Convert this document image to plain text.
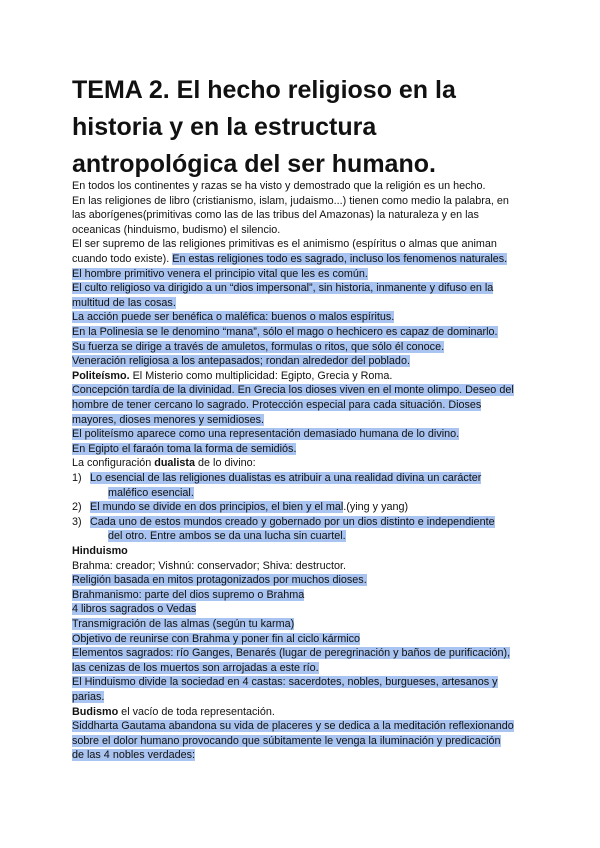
TEMA 2. El hecho religioso en la historia y en la estructura antropológica del ser humano.
En todos los continentes y razas se ha visto y demostrado que la religión es un hecho.
En las religiones de libro (cristianismo, islam, judaismo...) tienen como medio la palabra, en
las aborígenes(primitivas como las de las tribus del Amazonas) la naturaleza y en las
oceanicas (hinduismo, budismo) el silencio.
El ser supremo de las religiones primitivas es el animismo (espíritus o almas que animan
cuando todo existe). En estas religiones todo es sagrado, incluso los fenomenos naturales.
El hombre primitivo venera el principio vital que les es común.
El culto religioso va dirigido a un “dios impersonal”, sin historia, inmanente y difuso en la
multitud de las cosas.
La acción puede ser benéfica o maléfica: buenos o malos espíritus.
En la Polinesia se le denomino “mana”, sólo el mago o hechicero es capaz de dominarlo.
Su fuerza se dirige a través de amuletos, formulas o ritos, que sólo él conoce.
Veneración religiosa a los antepasados; rondan alrededor del poblado.
Politeísmo. El Misterio como multiplicidad: Egipto, Grecia y Roma.
Concepción tardía de la divinidad. En Grecia los dioses viven en el monte olimpo. Deseo del
hombre de tener cercano lo sagrado. Protección especial para cada situación. Dioses
mayores, dioses menores y semidioses.
El politeísmo aparece como una representación demasiado humana de lo divino.
En Egipto el faraón toma la forma de semidiós.
La configuración dualista de lo divino:
1) Lo esencial de las religiones dualistas es atribuir a una realidad divina un carácter
maléfico esencial.
2) El mundo se divide en dos principios, el bien y el mal.(ying y yang)
3) Cada uno de estos mundos creado y gobernado por un dios distinto e independiente
del otro. Entre ambos se da una lucha sin cuartel.
Hinduismo
Brahma: creador; Vishnú: conservador; Shiva: destructor.
Religión basada en mitos protagonizados por muchos dioses.
Brahmanismo: parte del dios supremo o Brahma
4 libros sagrados o Vedas
Transmigración de las almas (según tu karma)
Objetivo de reunirse con Brahma y poner fin al ciclo kármico
Elementos sagrados: río Ganges, Benarés (lugar de peregrinación y baños de purificación),
las cenizas de los muertos son arrojadas a este río.
El Hinduismo divide la sociedad en 4 castas: sacerdotes, nobles, burgueses, artesanos y
parias.
Budismo el vacío de toda representación.
Siddharta Gautama abandona su vida de placeres y se dedica a la meditación reflexionando
sobre el dolor humano provocando que súbitamente le venga la iluminación y predicación
de las 4 nobles verdades:
